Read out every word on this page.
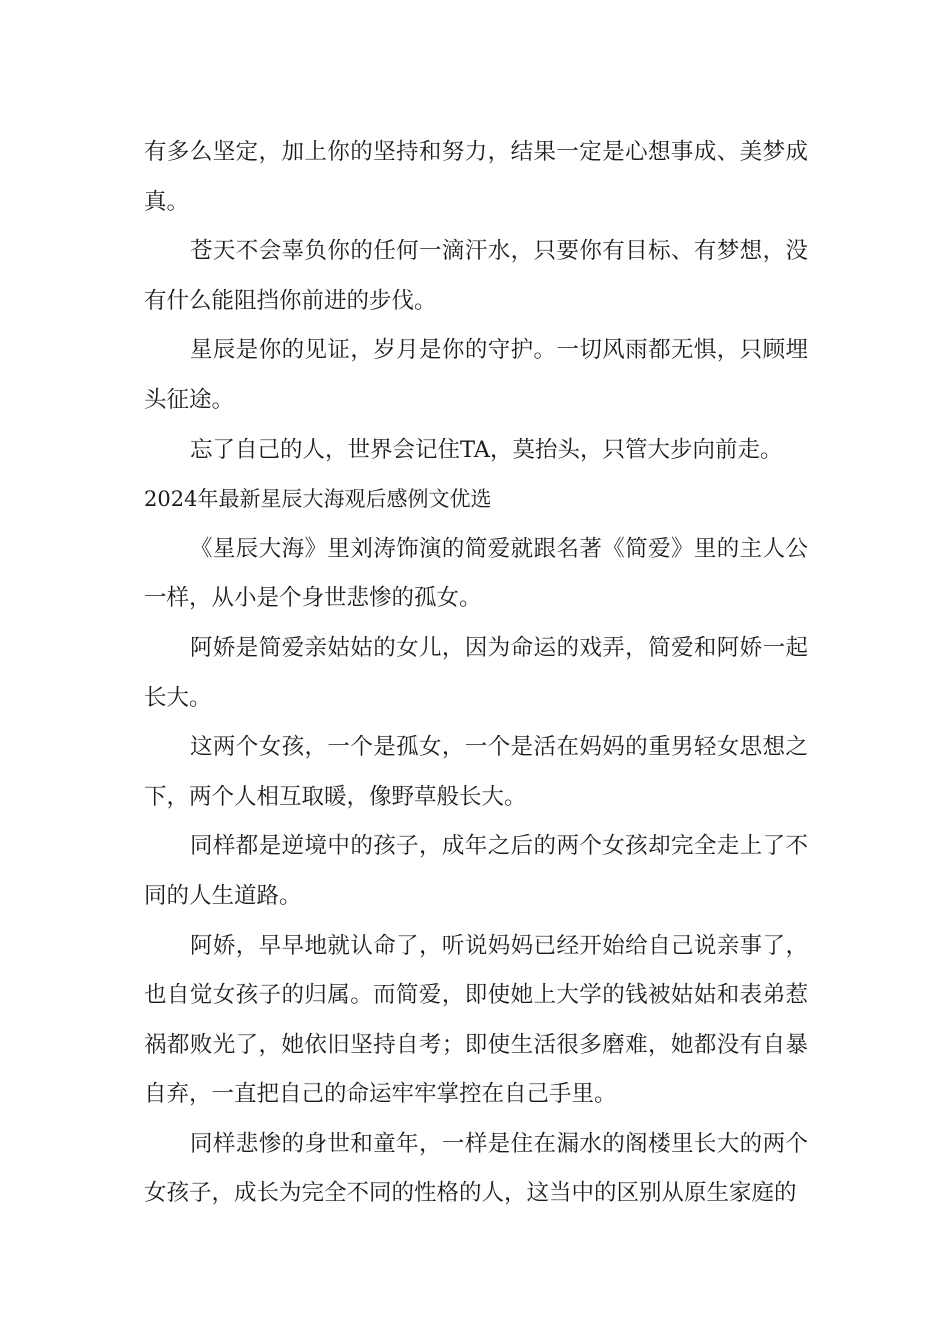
有多么坚定，加上你的坚持和努力，结果一定是心想事成、美梦成真。

苍天不会辜负你的任何一滴汗水，只要你有目标、有梦想，没有什么能阻挡你前进的步伐。

星辰是你的见证，岁月是你的守护。一切风雨都无惧，只顾埋头征途。

忘了自己的人，世界会记住TA，莫抬头，只管大步向前走。

2024年最新星辰大海观后感例文优选

《星辰大海》里刘涛饰演的简爱就跟名著《简爱》里的主人公一样，从小是个身世悲惨的孤女。

阿娇是简爱亲姑姑的女儿，因为命运的戏弄，简爱和阿娇一起长大。

这两个女孩，一个是孤女，一个是活在妈妈的重男轻女思想之下，两个人相互取暖，像野草般长大。

同样都是逆境中的孩子，成年之后的两个女孩却完全走上了不同的人生道路。

阿娇，早早地就认命了，听说妈妈已经开始给自己说亲事了，也自觉女孩子的归属。而简爱，即使她上大学的钱被姑姑和表弟惹祸都败光了，她依旧坚持自考；即使生活很多磨难，她都没有自暴自弃，一直把自己的命运牢牢掌控在自己手里。

同样悲惨的身世和童年，一样是住在漏水的阁楼里长大的两个女孩子，成长为完全不同的性格的人，这当中的区别从原生家庭的
